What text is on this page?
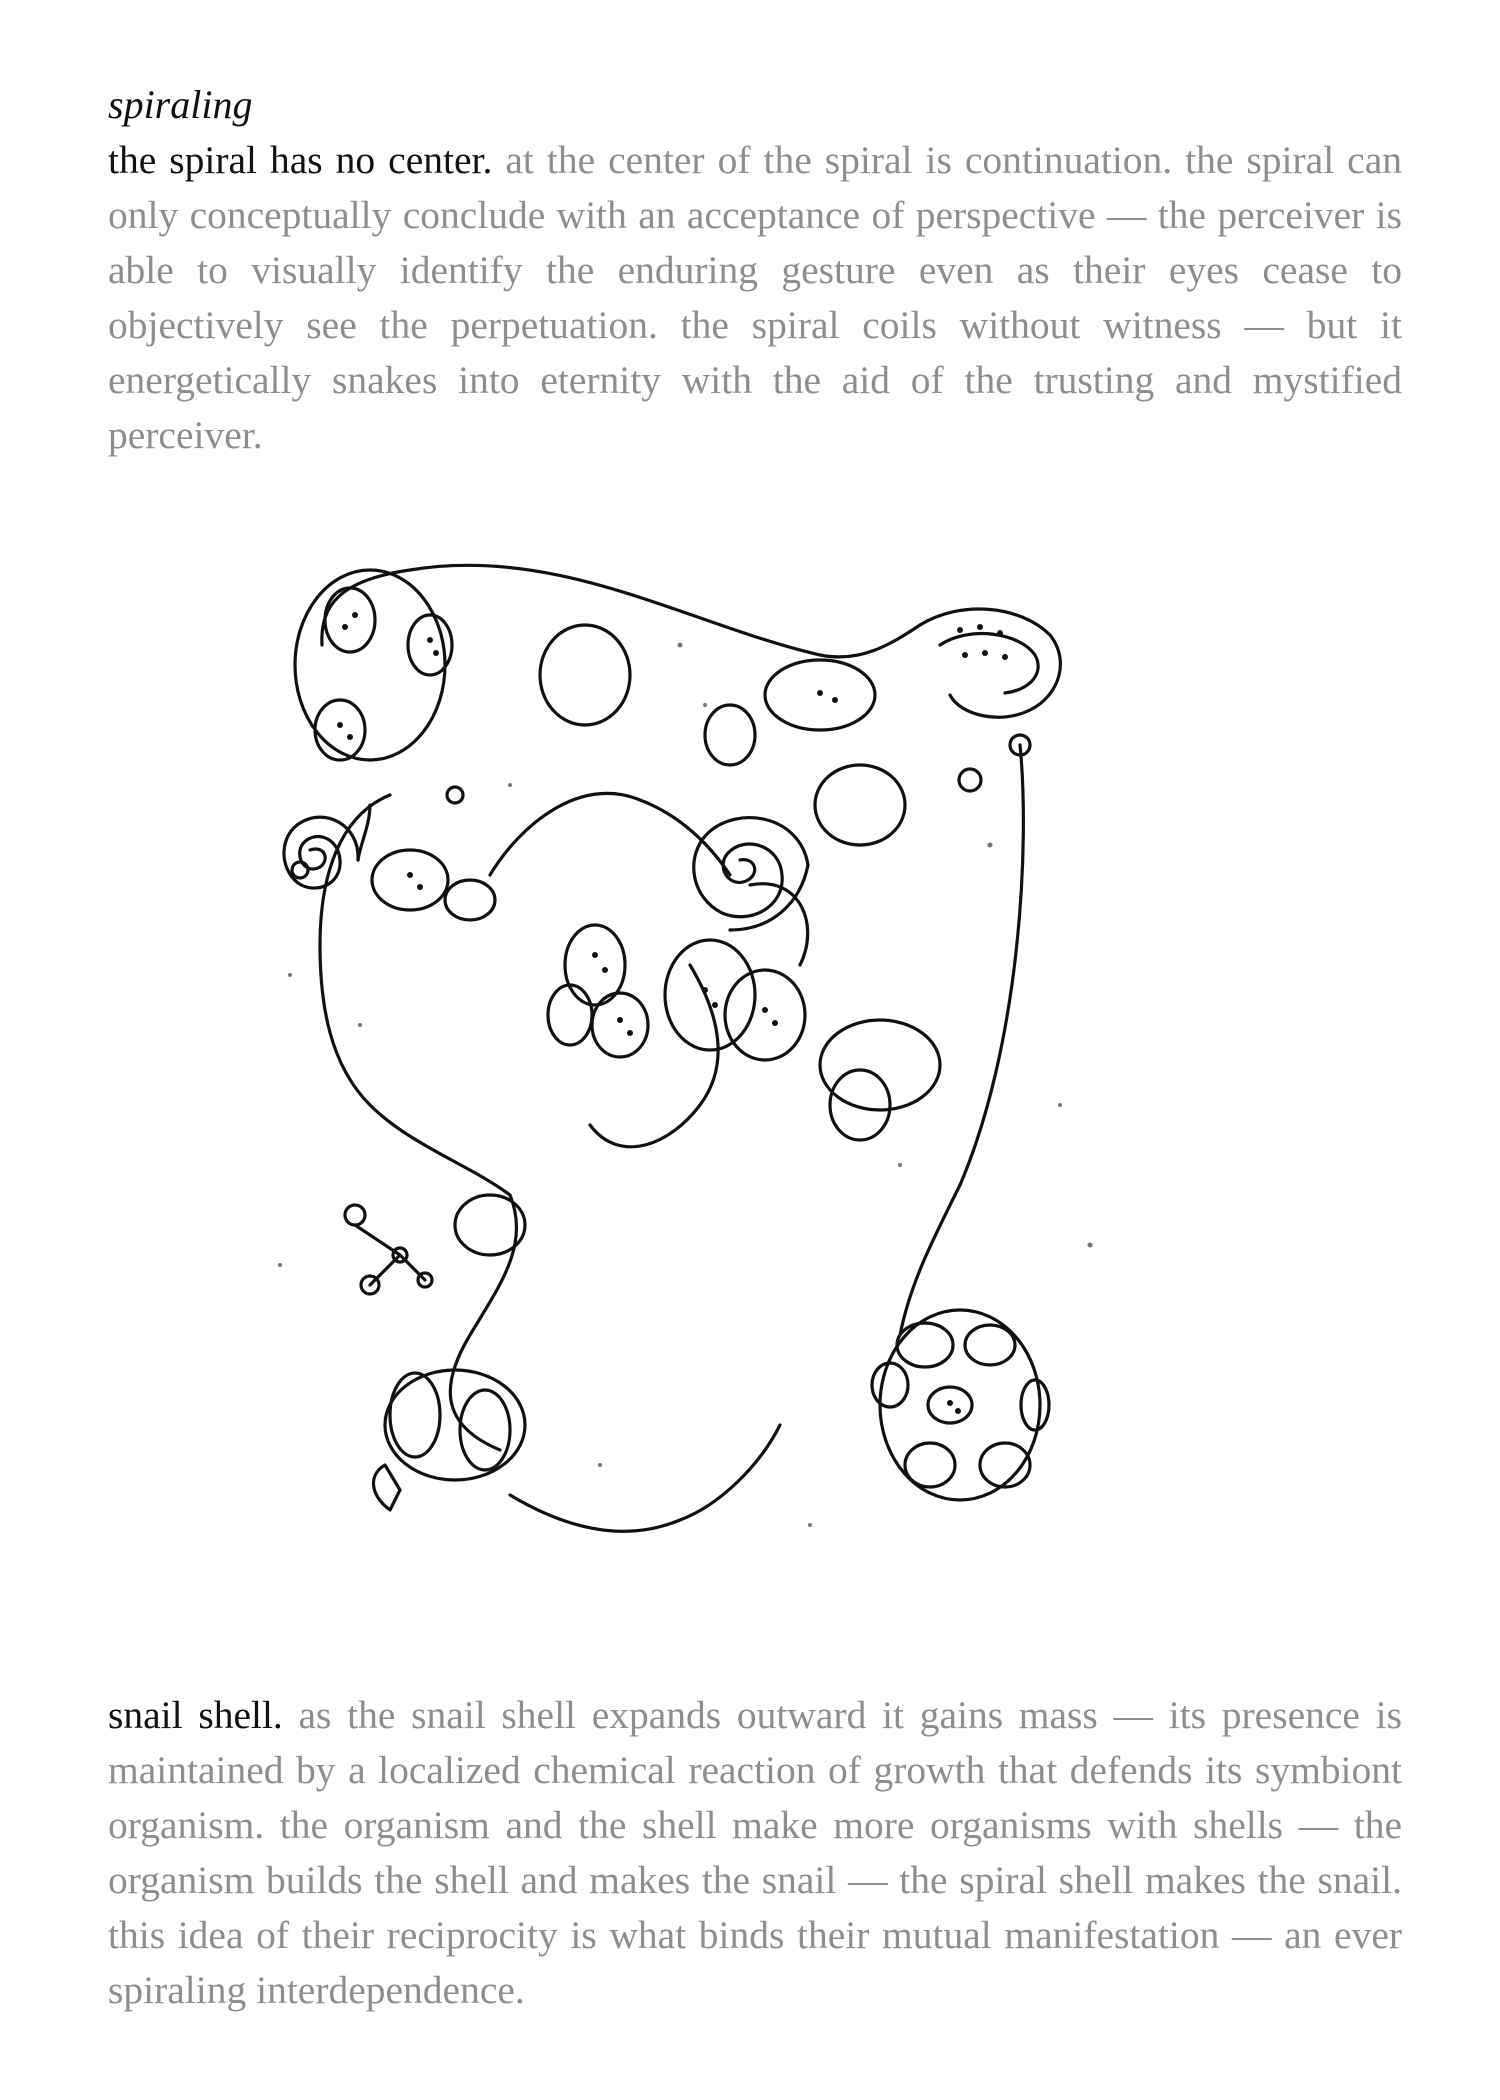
spiraling

the spiral has no center. at the center of the spiral is continuation. the spiral can only conceptually conclude with an acceptance of perspective — the perceiver is able to visually identify the enduring gesture even as their eyes cease to objectively see the perpetuation. the spiral coils without witness — but it energetically snakes into eternity with the aid of the trusting and mystified perceiver.

snail shell. as the snail shell expands outward it gains mass — its presence is maintained by a localized chemical reaction of growth that defends its symbiont organism. the organism and the shell make more organisms with shells — the organism builds the shell and makes the snail — the spiral shell makes the snail. this idea of their reciprocity is what binds their mutual manifestation — an ever spiraling interdependence.
